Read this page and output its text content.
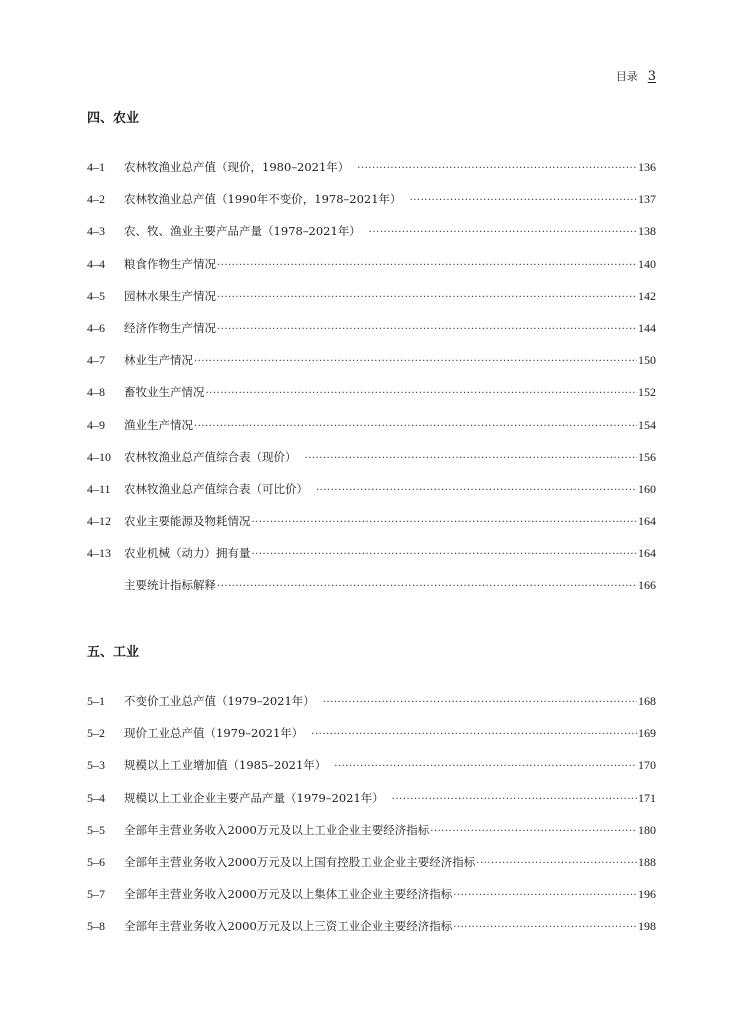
目录 3
四、农业
4–1	农林牧渔业总产值（现价，1980–2021年） ·····	136
4–2	农林牧渔业总产值（1990年不变价，1978–2021年） ·····	137
4–3	农、牧、渔业主要产品产量（1978–2021年） ·····	138
4–4	粮食作物生产情况 ·····	140
4–5	园林水果生产情况 ·····	142
4–6	经济作物生产情况 ·····	144
4–7	林业生产情况 ·····	150
4–8	畜牧业生产情况 ·····	152
4–9	渔业生产情况 ·····	154
4–10	农林牧渔业总产值综合表（现价） ·····	156
4–11	农林牧渔业总产值综合表（可比价） ·····	160
4–12	农业主要能源及物耗情况 ·····	164
4–13	农业机械（动力）拥有量 ·····	164
主要统计指标解释 ·····	166
五、工业
5–1	不变价工业总产值（1979–2021年） ·····	168
5–2	现价工业总产值（1979–2021年） ·····	169
5–3	规模以上工业增加值（1985–2021年） ·····	170
5–4	规模以上工业企业主要产品产量（1979–2021年） ·····	171
5–5	全部年主营业务收入2000万元及以上工业企业主要经济指标 ·····	180
5–6	全部年主营业务收入2000万元及以上国有控股工业企业主要经济指标 ·····	188
5–7	全部年主营业务收入2000万元及以上集体工业企业主要经济指标 ·····	196
5–8	全部年主营业务收入2000万元及以上三资工业企业主要经济指标 ·····	198
